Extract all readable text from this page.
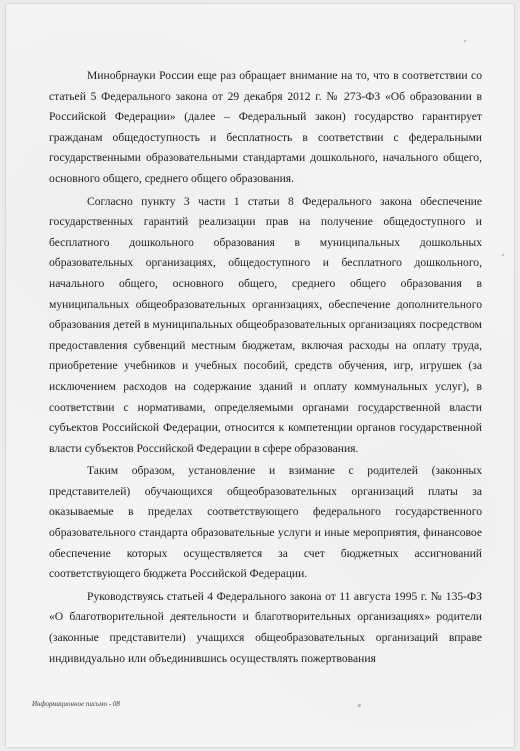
Минобрнауки России еще раз обращает внимание на то, что в соответствии со статьей 5 Федерального закона от 29 декабря 2012 г. № 273-ФЗ «Об образовании в Российской Федерации» (далее – Федеральный закон) государство гарантирует гражданам общедоступность и бесплатность в соответствии с федеральными государственными образовательными стандартами дошкольного, начального общего, основного общего, среднего общего образования.

Согласно пункту 3 части 1 статьи 8 Федерального закона обеспечение государственных гарантий реализации прав на получение общедоступного и бесплатного дошкольного образования в муниципальных дошкольных образовательных организациях, общедоступного и бесплатного дошкольного, начального общего, основного общего, среднего общего образования в муниципальных общеобразовательных организациях, обеспечение дополнительного образования детей в муниципальных общеобразовательных организациях посредством предоставления субвенций местным бюджетам, включая расходы на оплату труда, приобретение учебников и учебных пособий, средств обучения, игр, игрушек (за исключением расходов на содержание зданий и оплату коммунальных услуг), в соответствии с нормативами, определяемыми органами государственной власти субъектов Российской Федерации, относится к компетенции органов государственной власти субъектов Российской Федерации в сфере образования.

Таким образом, установление и взимание с родителей (законных представителей) обучающихся общеобразовательных организаций платы за оказываемые в пределах соответствующего федерального государственного образовательного стандарта образовательные услуги и иные мероприятия, финансовое обеспечение которых осуществляется за счет бюджетных ассигнований соответствующего бюджета Российской Федерации.

Руководствуясь статьей 4 Федерального закона от 11 августа 1995 г. № 135-ФЗ «О благотворительной деятельности и благотворительных организациях» родители (законные представители) учащихся общеобразовательных организаций вправе индивидуально или объединившись осуществлять пожертвования

Информационное письмо - 08
